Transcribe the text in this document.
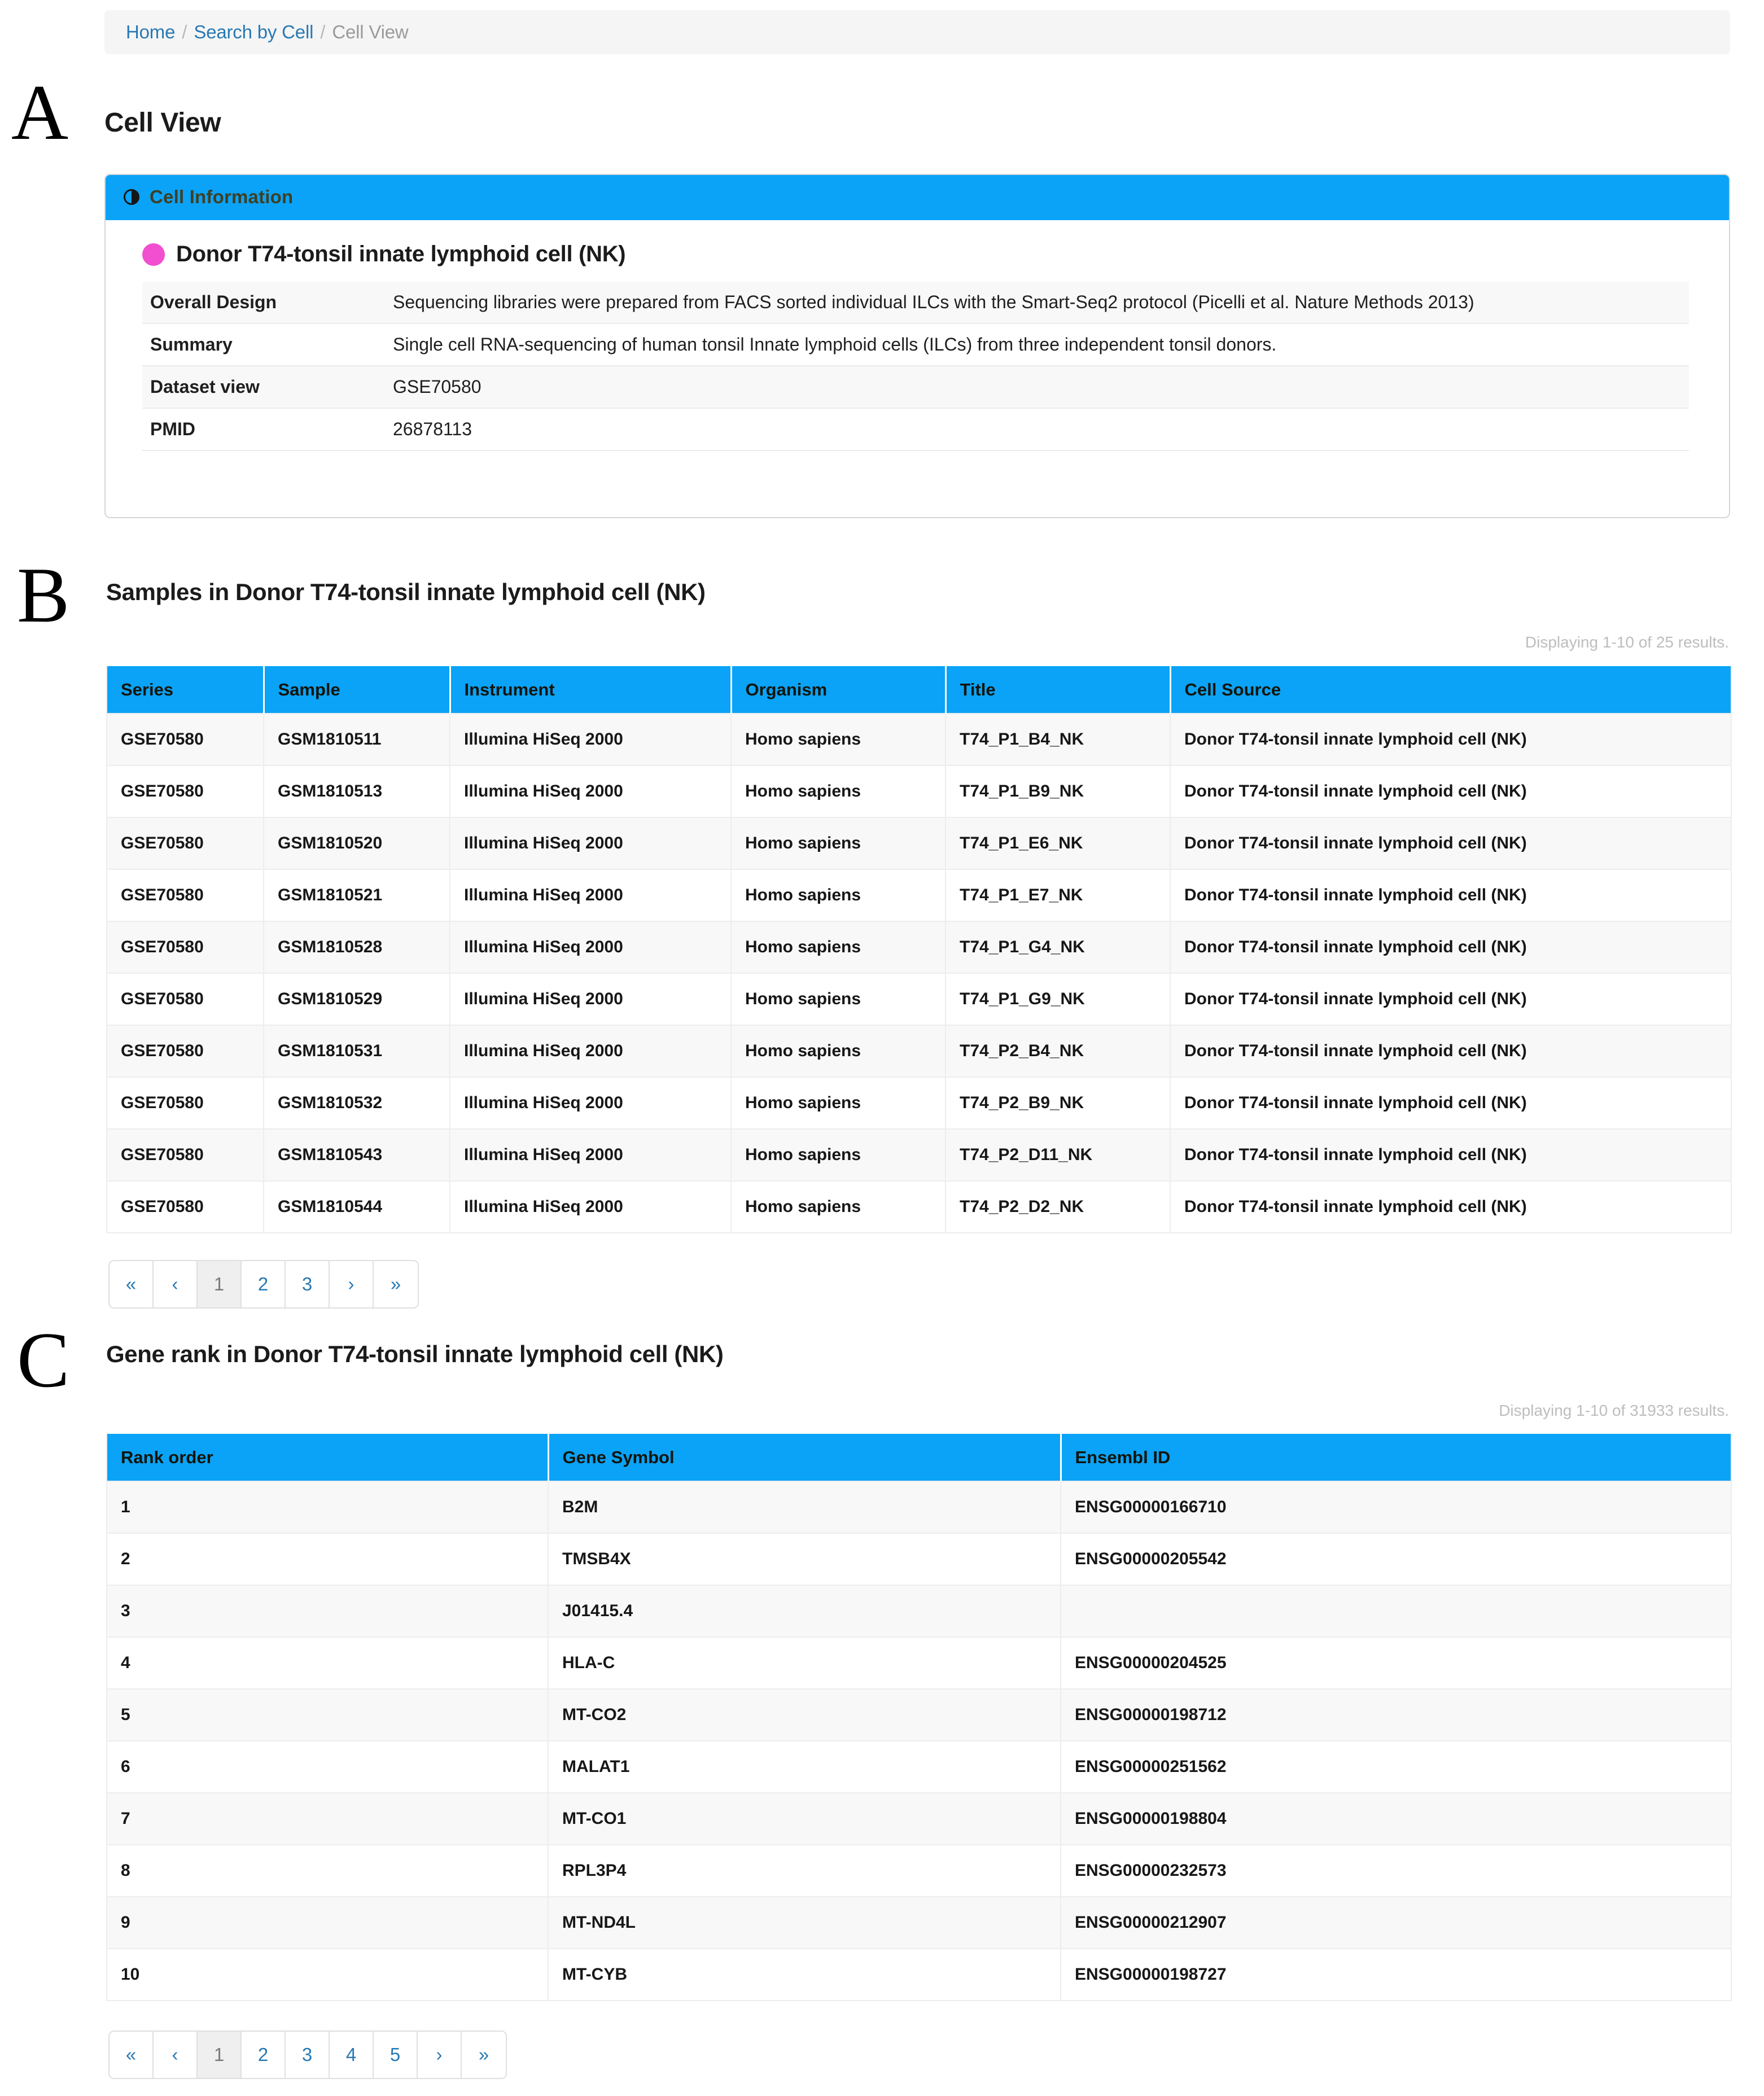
Home / Search by Cell / Cell View
A Cell View
Cell Information
Donor T74-tonsil innate lymphoid cell (NK)
Overall Design	Sequencing libraries were prepared from FACS sorted individual ILCs with the Smart-Seq2 protocol (Picelli et al. Nature Methods 2013)
Summary	Single cell RNA-sequencing of human tonsil Innate lymphoid cells (ILCs) from three independent tonsil donors.
Dataset view	GSE70580
PMID	26878113
B Samples in Donor T74-tonsil innate lymphoid cell (NK)
Displaying 1-10 of 25 results.
Series	Sample	Instrument	Organism	Title	Cell Source
GSE70580	GSM1810511	Illumina HiSeq 2000	Homo sapiens	T74_P1_B4_NK	Donor T74-tonsil innate lymphoid cell (NK)
GSE70580	GSM1810513	Illumina HiSeq 2000	Homo sapiens	T74_P1_B9_NK	Donor T74-tonsil innate lymphoid cell (NK)
GSE70580	GSM1810520	Illumina HiSeq 2000	Homo sapiens	T74_P1_E6_NK	Donor T74-tonsil innate lymphoid cell (NK)
GSE70580	GSM1810521	Illumina HiSeq 2000	Homo sapiens	T74_P1_E7_NK	Donor T74-tonsil innate lymphoid cell (NK)
GSE70580	GSM1810528	Illumina HiSeq 2000	Homo sapiens	T74_P1_G4_NK	Donor T74-tonsil innate lymphoid cell (NK)
GSE70580	GSM1810529	Illumina HiSeq 2000	Homo sapiens	T74_P1_G9_NK	Donor T74-tonsil innate lymphoid cell (NK)
GSE70580	GSM1810531	Illumina HiSeq 2000	Homo sapiens	T74_P2_B4_NK	Donor T74-tonsil innate lymphoid cell (NK)
GSE70580	GSM1810532	Illumina HiSeq 2000	Homo sapiens	T74_P2_B9_NK	Donor T74-tonsil innate lymphoid cell (NK)
GSE70580	GSM1810543	Illumina HiSeq 2000	Homo sapiens	T74_P2_D11_NK	Donor T74-tonsil innate lymphoid cell (NK)
GSE70580	GSM1810544	Illumina HiSeq 2000	Homo sapiens	T74_P2_D2_NK	Donor T74-tonsil innate lymphoid cell (NK)
«	‹	1	2	3	›	»
C Gene rank in Donor T74-tonsil innate lymphoid cell (NK)
Displaying 1-10 of 31933 results.
Rank order	Gene Symbol	Ensembl ID
1	B2M	ENSG00000166710
2	TMSB4X	ENSG00000205542
3	J01415.4	
4	HLA-C	ENSG00000204525
5	MT-CO2	ENSG00000198712
6	MALAT1	ENSG00000251562
7	MT-CO1	ENSG00000198804
8	RPL3P4	ENSG00000232573
9	MT-ND4L	ENSG00000212907
10	MT-CYB	ENSG00000198727
«	‹	1	2	3	4	5	›	»
